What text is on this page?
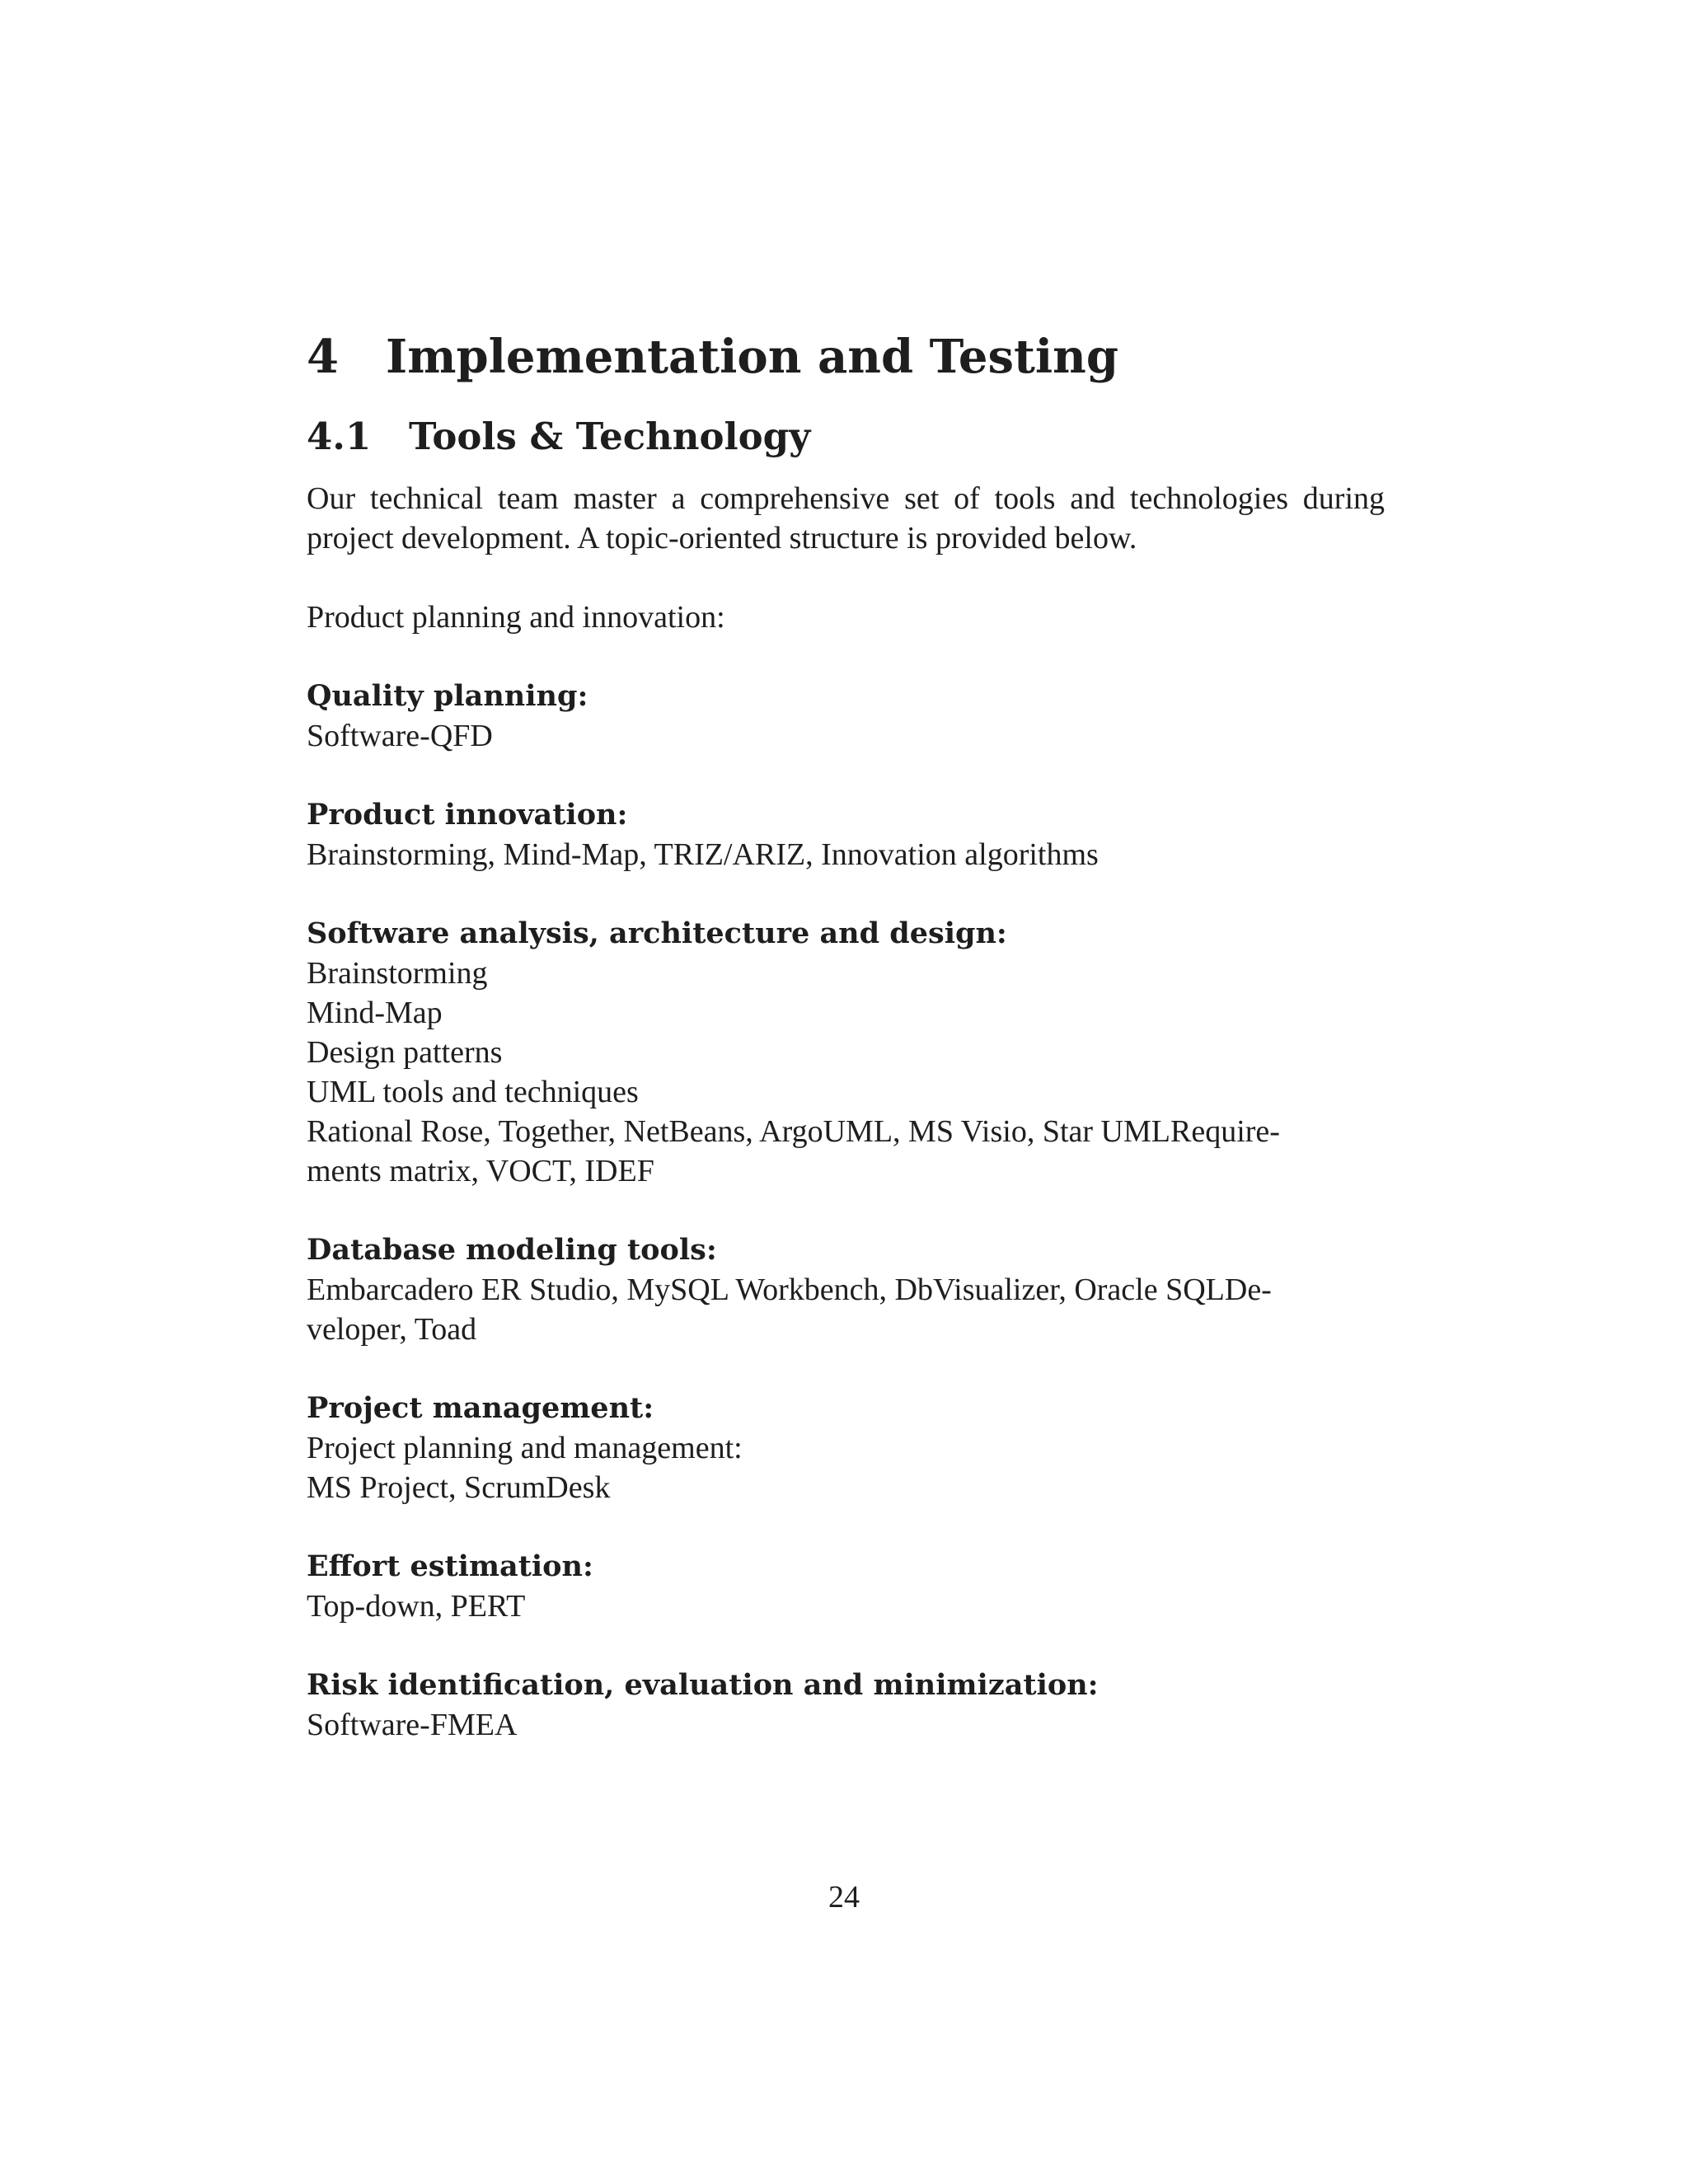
4 Implementation and Testing
4.1 Tools & Technology

Our technical team master a comprehensive set of tools and technologies during project development. A topic-oriented structure is provided below.

Product planning and innovation:

Quality planning:

Software-QFD

Product innovation:

Brainstorming, Mind-Map, TRIZ/ARIZ, Innovation algorithms

Software analysis, architecture and design:

Brainstorming

Mind-Map

Design patterns

UML tools and techniques

Rational Rose, Together, NetBeans, ArgoUML, MS Visio, Star UMLRequire-

ments matrix, VOCT, IDEF

Database modeling tools:

Embarcadero ER Studio, MySQL Workbench, DbVisualizer, Oracle SQLDe-

veloper, Toad

Project management:

Project planning and management:

MS Project, ScrumDesk

Effort estimation:

Top-down, PERT

Risk identification, evaluation and minimization:

Software-FMEA

24
